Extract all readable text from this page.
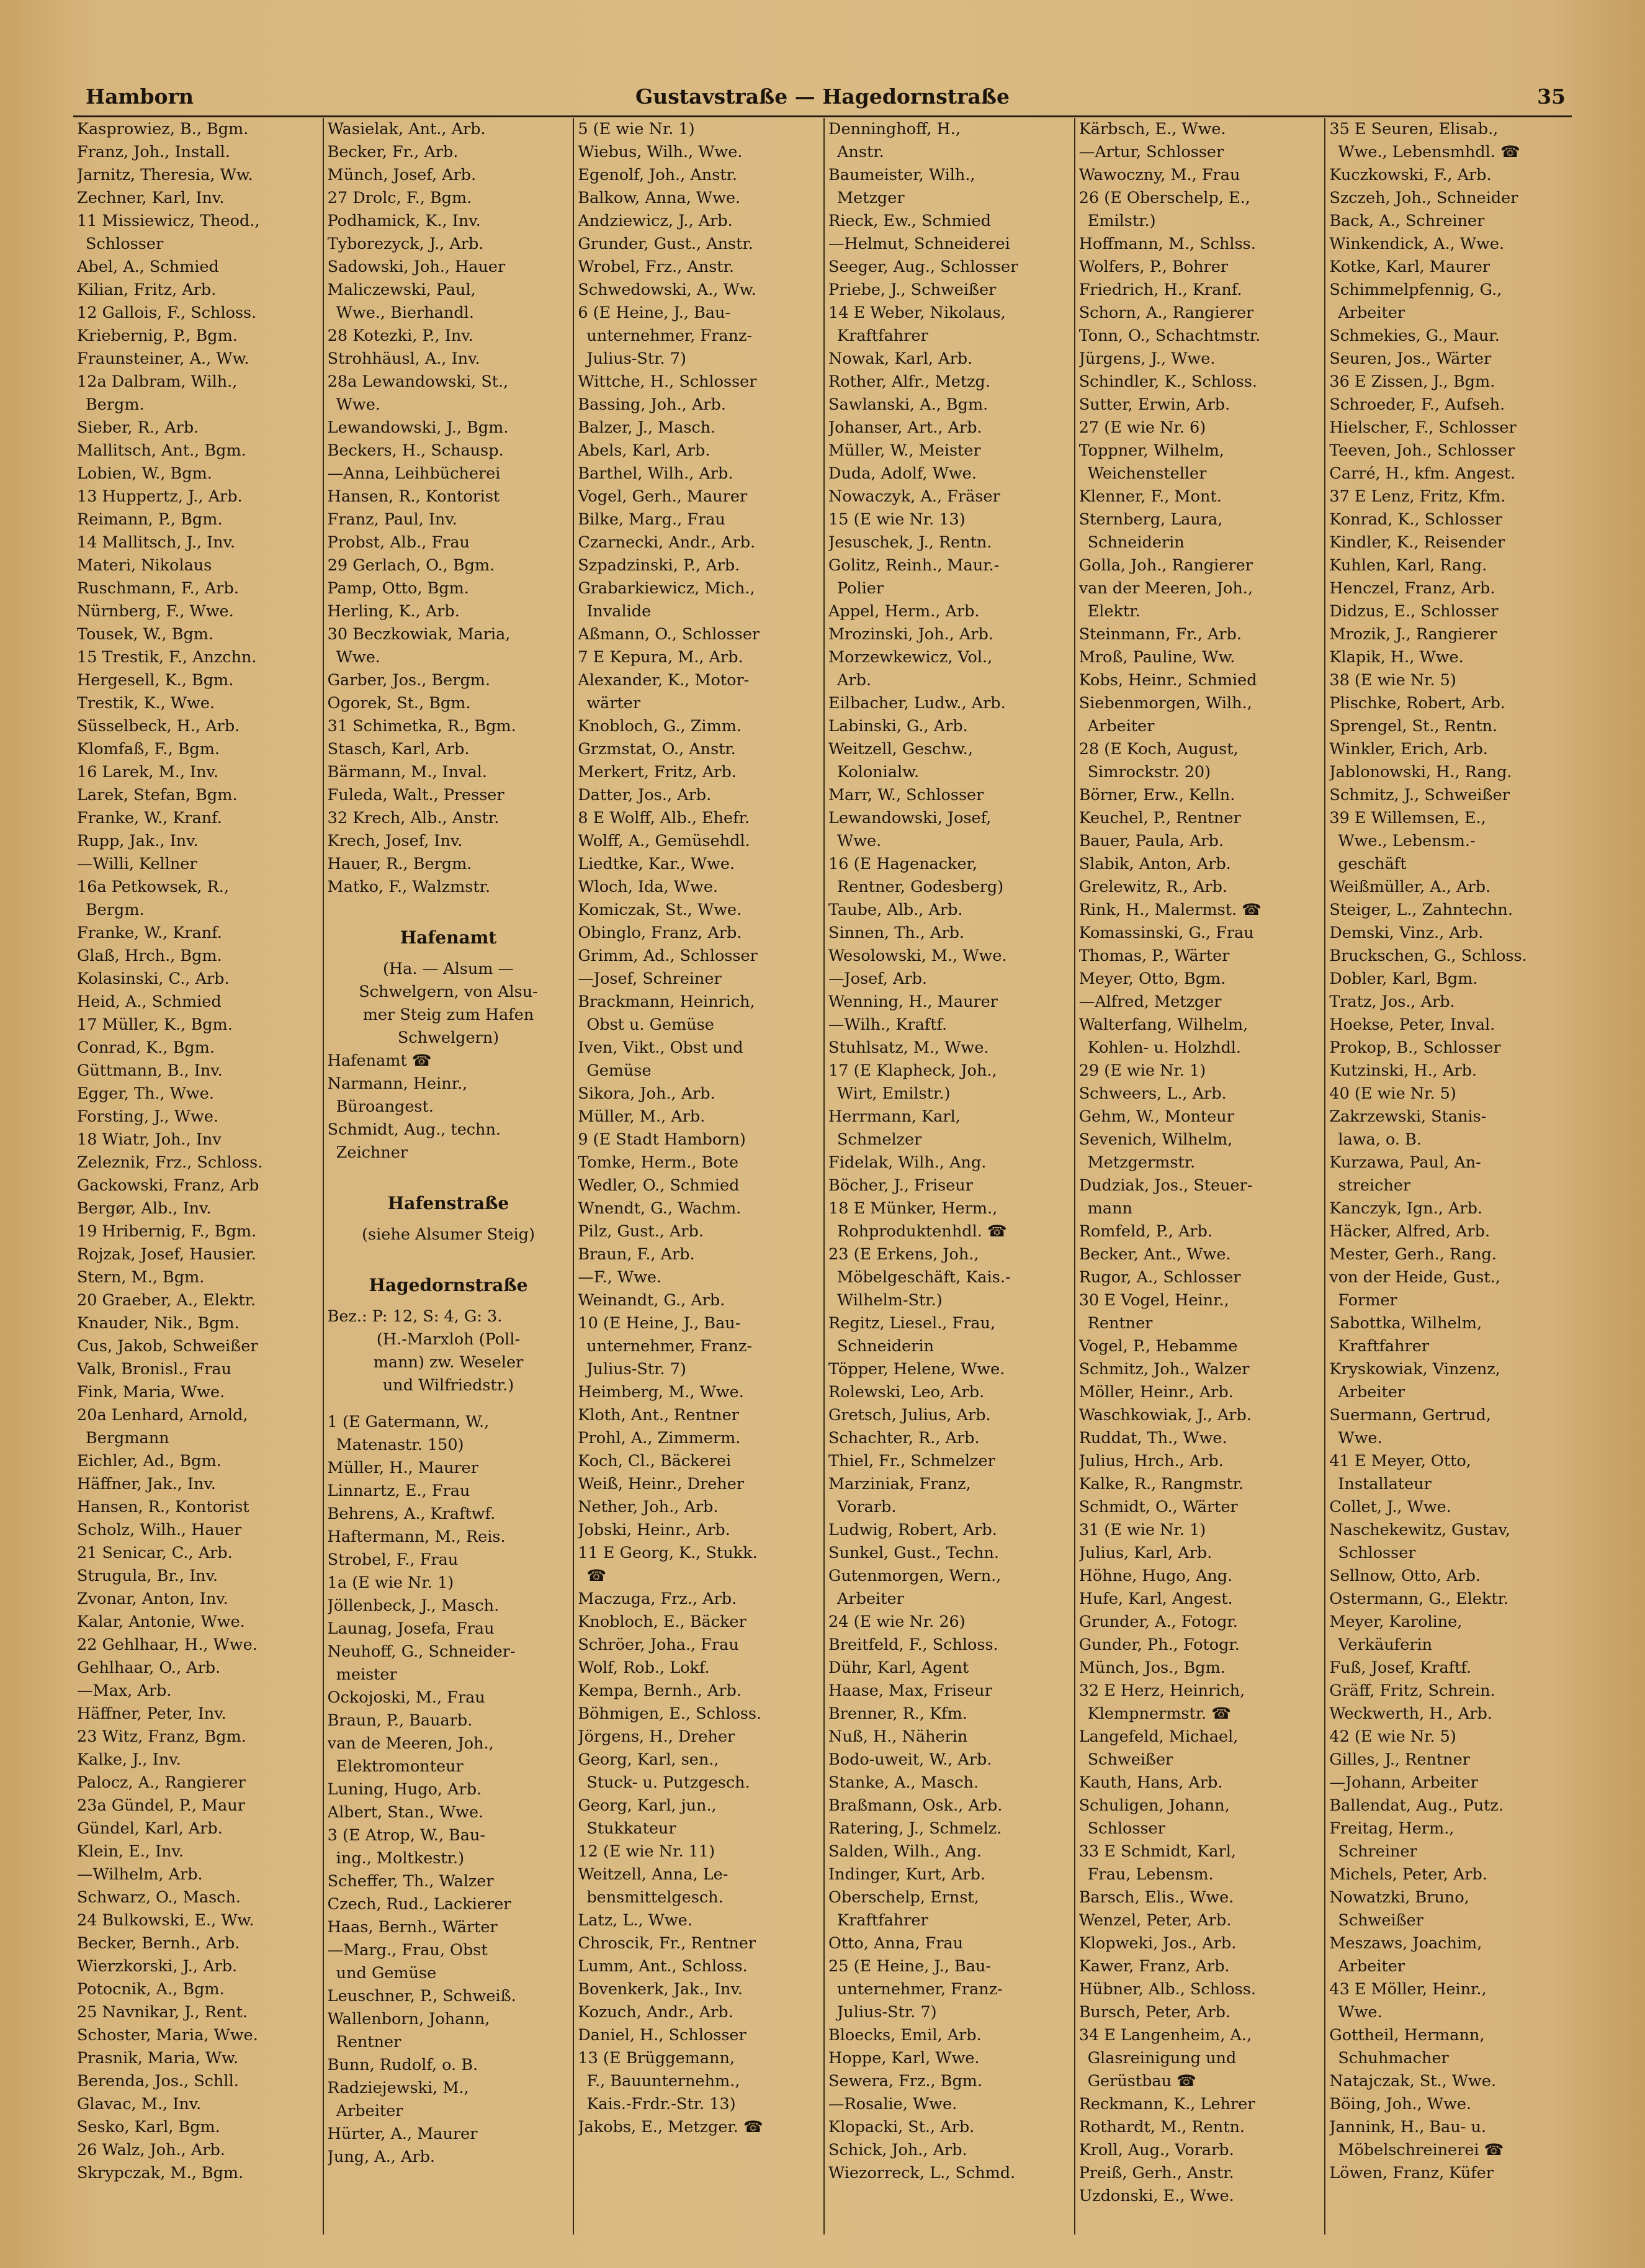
Hamborn	Gustavstraße — Hagedornstraße	35
Kasprowiez, B., Bgm.
Franz, Joh., Install.
Jarnitz, Theresia, Ww.
Zechner, Karl, Inv.
11 Missiewicz, Theod.,
Schlosser
Abel, A., Schmied
Kilian, Fritz, Arb.
12 Gallois, F., Schloss.
Kriebernig, P., Bgm.
Fraunsteiner, A., Ww.
12a Dalbram, Wilh.,
Bergm.
Sieber, R., Arb.
Mallitsch, Ant., Bgm.
Lobien, W., Bgm.
13 Huppertz, J., Arb.
Reimann, P., Bgm.
14 Mallitsch, J., Inv.
Materi, Nikolaus
Ruschmann, F., Arb.
Nürnberg, F., Wwe.
Tousek, W., Bgm.
15 Trestik, F., Anzchn.
Hergesell, K., Bgm.
Trestik, K., Wwe.
Süsselbeck, H., Arb.
Klomfaß, F., Bgm.
16 Larek, M., Inv.
Larek, Stefan, Bgm.
Franke, W., Kranf.
Rupp, Jak., Inv.
—Willi, Kellner
16a Petkowsek, R.,
Bergm.
Franke, W., Kranf.
Glaß, Hrch., Bgm.
Kolasinski, C., Arb.
Heid, A., Schmied
17 Müller, K., Bgm.
Conrad, K., Bgm.
Güttmann, B., Inv.
Egger, Th., Wwe.
Forsting, J., Wwe.
18 Wiatr, Joh., Inv
Zeleznik, Frz., Schloss.
Gackowski, Franz, Arb
Bergør, Alb., Inv.
19 Hribernig, F., Bgm.
Rojzak, Josef, Hausier.
Stern, M., Bgm.
20 Graeber, A., Elektr.
Knauder, Nik., Bgm.
Cus, Jakob, Schweißer
Valk, Bronisl., Frau
Fink, Maria, Wwe.
20a Lenhard, Arnold,
Bergmann
Eichler, Ad., Bgm.
Häffner, Jak., Inv.
Hansen, R., Kontorist
Scholz, Wilh., Hauer
21 Senicar, C., Arb.
Strugula, Br., Inv.
Zvonar, Anton, Inv.
Kalar, Antonie, Wwe.
22 Gehlhaar, H., Wwe.
Gehlhaar, O., Arb.
—Max, Arb.
Häffner, Peter, Inv.
23 Witz, Franz, Bgm.
Kalke, J., Inv.
Palocz, A., Rangierer
23a Gündel, P., Maur
Gündel, Karl, Arb.
Klein, E., Inv.
—Wilhelm, Arb.
Schwarz, O., Masch.
24 Bulkowski, E., Ww.
Becker, Bernh., Arb.
Wierzkorski, J., Arb.
Potocnik, A., Bgm.
25 Navnikar, J., Rent.
Schoster, Maria, Wwe.
Prasnik, Maria, Ww.
Berenda, Jos., Schll.
Glavac, M., Inv.
Sesko, Karl, Bgm.
26 Walz, Joh., Arb.
Skrypczak, M., Bgm.
Wasielak, Ant., Arb.
Becker, Fr., Arb.
Münch, Josef, Arb.
27 Drolc, F., Bgm.
Podhamick, K., Inv.
Tyborezyck, J., Arb.
Sadowski, Joh., Hauer
Maliczewski, Paul,
Wwe., Bierhandl.
28 Kotezki, P., Inv.
Strohhäusl, A., Inv.
28a Lewandowski, St.,
Wwe.
Lewandowski, J., Bgm.
Beckers, H., Schausp.
—Anna, Leihbücherei
Hansen, R., Kontorist
Franz, Paul, Inv.
Probst, Alb., Frau
29 Gerlach, O., Bgm.
Pamp, Otto, Bgm.
Herling, K., Arb.
30 Beczkowiak, Maria,
Wwe.
Garber, Jos., Bergm.
Ogorek, St., Bgm.
31 Schimetka, R., Bgm.
Stasch, Karl, Arb.
Bärmann, M., Inval.
Fuleda, Walt., Presser
32 Krech, Alb., Anstr.
Krech, Josef, Inv.
Hauer, R., Bergm.
Matko, F., Walzmstr.
Hafenamt
(Ha. — Alsum —
Schwelgern, von Alsu-
mer Steig zum Hafen
Schwelgern)
Hafenamt ☎
Narmann, Heinr.,
Büroangest.
Schmidt, Aug., techn.
Zeichner
Hafenstraße
(siehe Alsumer Steig)
Hagedornstraße
Bez.: P: 12, S: 4, G: 3.
(H.-Marxloh (Poll-
mann) zw. Weseler
und Wilfriedstr.)
1 (E Gatermann, W.,
Matenastr. 150)
Müller, H., Maurer
Linnartz, E., Frau
Behrens, A., Kraftwf.
Haftermann, M., Reis.
Strobel, F., Frau
1a (E wie Nr. 1)
Jöllenbeck, J., Masch.
Launag, Josefa, Frau
Neuhoff, G., Schneider-
meister
Ockojoski, M., Frau
Braun, P., Bauarb.
van de Meeren, Joh.,
Elektromonteur
Luning, Hugo, Arb.
Albert, Stan., Wwe.
3 (E Atrop, W., Bau-
ing., Moltkestr.)
Scheffer, Th., Walzer
Czech, Rud., Lackierer
Haas, Bernh., Wärter
—Marg., Frau, Obst
und Gemüse
Leuschner, P., Schweiß.
Wallenborn, Johann,
Rentner
Bunn, Rudolf, o. B.
Radziejewski, M.,
Arbeiter
Hürter, A., Maurer
Jung, A., Arb.
5 (E wie Nr. 1)
Wiebus, Wilh., Wwe.
Egenolf, Joh., Anstr.
Balkow, Anna, Wwe.
Andziewicz, J., Arb.
Grunder, Gust., Anstr.
Wrobel, Frz., Anstr.
Schwedowski, A., Ww.
6 (E Heine, J., Bau-
unternehmer, Franz-
Julius-Str. 7)
Wittche, H., Schlosser
Bassing, Joh., Arb.
Balzer, J., Masch.
Abels, Karl, Arb.
Barthel, Wilh., Arb.
Vogel, Gerh., Maurer
Bilke, Marg., Frau
Czarnecki, Andr., Arb.
Szpadzinski, P., Arb.
Grabarkiewicz, Mich.,
Invalide
Aßmann, O., Schlosser
7 E Kepura, M., Arb.
Alexander, K., Motor-
wärter
Knobloch, G., Zimm.
Grzmstat, O., Anstr.
Merkert, Fritz, Arb.
Datter, Jos., Arb.
8 E Wolff, Alb., Ehefr.
Wolff, A., Gemüsehdl.
Liedtke, Kar., Wwe.
Wloch, Ida, Wwe.
Komiczak, St., Wwe.
Obinglo, Franz, Arb.
Grimm, Ad., Schlosser
—Josef, Schreiner
Brackmann, Heinrich,
Obst u. Gemüse
Iven, Vikt., Obst und
Gemüse
Sikora, Joh., Arb.
Müller, M., Arb.
9 (E Stadt Hamborn)
Tomke, Herm., Bote
Wedler, O., Schmied
Wnendt, G., Wachm.
Pilz, Gust., Arb.
Braun, F., Arb.
—F., Wwe.
Weinandt, G., Arb.
10 (E Heine, J., Bau-
unternehmer, Franz-
Julius-Str. 7)
Heimberg, M., Wwe.
Kloth, Ant., Rentner
Prohl, A., Zimmerm.
Koch, Cl., Bäckerei
Weiß, Heinr., Dreher
Nether, Joh., Arb.
Jobski, Heinr., Arb.
11 E Georg, K., Stukk.
☎
Maczuga, Frz., Arb.
Knobloch, E., Bäcker
Schröer, Joha., Frau
Wolf, Rob., Lokf.
Kempa, Bernh., Arb.
Böhmigen, E., Schloss.
Jörgens, H., Dreher
Georg, Karl, sen.,
Stuck- u. Putzgesch.
Georg, Karl, jun.,
Stukkateur
12 (E wie Nr. 11)
Weitzell, Anna, Le-
bensmittelgesch.
Latz, L., Wwe.
Chroscik, Fr., Rentner
Lumm, Ant., Schloss.
Bovenkerk, Jak., Inv.
Kozuch, Andr., Arb.
Daniel, H., Schlosser
13 (E Brüggemann,
F., Bauunternehm.,
Kais.-Frdr.-Str. 13)
Jakobs, E., Metzger. ☎
Denninghoff, H.,
Anstr.
Baumeister, Wilh.,
Metzger
Rieck, Ew., Schmied
—Helmut, Schneiderei
Seeger, Aug., Schlosser
Priebe, J., Schweißer
14 E Weber, Nikolaus,
Kraftfahrer
Nowak, Karl, Arb.
Rother, Alfr., Metzg.
Sawlanski, A., Bgm.
Johanser, Art., Arb.
Müller, W., Meister
Duda, Adolf, Wwe.
Nowaczyk, A., Fräser
15 (E wie Nr. 13)
Jesuschek, J., Rentn.
Golitz, Reinh., Maur.-
Polier
Appel, Herm., Arb.
Mrozinski, Joh., Arb.
Morzewkewicz, Vol.,
Arb.
Eilbacher, Ludw., Arb.
Labinski, G., Arb.
Weitzell, Geschw.,
Kolonialw.
Marr, W., Schlosser
Lewandowski, Josef,
Wwe.
16 (E Hagenacker,
Rentner, Godesberg)
Taube, Alb., Arb.
Sinnen, Th., Arb.
Wesolowski, M., Wwe.
—Josef, Arb.
Wenning, H., Maurer
—Wilh., Kraftf.
Stuhlsatz, M., Wwe.
17 (E Klapheck, Joh.,
Wirt, Emilstr.)
Herrmann, Karl,
Schmelzer
Fidelak, Wilh., Ang.
Böcher, J., Friseur
18 E Münker, Herm.,
Rohproduktenhdl. ☎
23 (E Erkens, Joh.,
Möbelgeschäft, Kais.-
Wilhelm-Str.)
Regitz, Liesel., Frau,
Schneiderin
Töpper, Helene, Wwe.
Rolewski, Leo, Arb.
Gretsch, Julius, Arb.
Schachter, R., Arb.
Thiel, Fr., Schmelzer
Marziniak, Franz,
Vorarb.
Ludwig, Robert, Arb.
Sunkel, Gust., Techn.
Gutenmorgen, Wern.,
Arbeiter
24 (E wie Nr. 26)
Breitfeld, F., Schloss.
Dühr, Karl, Agent
Haase, Max, Friseur
Brenner, R., Kfm.
Nuß, H., Näherin
Bodo-uweit, W., Arb.
Stanke, A., Masch.
Braßmann, Osk., Arb.
Ratering, J., Schmelz.
Salden, Wilh., Ang.
Indinger, Kurt, Arb.
Oberschelp, Ernst,
Kraftfahrer
Otto, Anna, Frau
25 (E Heine, J., Bau-
unternehmer, Franz-
Julius-Str. 7)
Bloecks, Emil, Arb.
Hoppe, Karl, Wwe.
Sewera, Frz., Bgm.
—Rosalie, Wwe.
Klopacki, St., Arb.
Schick, Joh., Arb.
Wiezorreck, L., Schmd.
Kärbsch, E., Wwe.
—Artur, Schlosser
Wawoczny, M., Frau
26 (E Oberschelp, E.,
Emilstr.)
Hoffmann, M., Schlss.
Wolfers, P., Bohrer
Friedrich, H., Kranf.
Schorn, A., Rangierer
Tonn, O., Schachtmstr.
Jürgens, J., Wwe.
Schindler, K., Schloss.
Sutter, Erwin, Arb.
27 (E wie Nr. 6)
Toppner, Wilhelm,
Weichensteller
Klenner, F., Mont.
Sternberg, Laura,
Schneiderin
Golla, Joh., Rangierer
van der Meeren, Joh.,
Elektr.
Steinmann, Fr., Arb.
Mroß, Pauline, Ww.
Kobs, Heinr., Schmied
Siebenmorgen, Wilh.,
Arbeiter
28 (E Koch, August,
Simrockstr. 20)
Börner, Erw., Kelln.
Keuchel, P., Rentner
Bauer, Paula, Arb.
Slabik, Anton, Arb.
Grelewitz, R., Arb.
Rink, H., Malermst. ☎
Komassinski, G., Frau
Thomas, P., Wärter
Meyer, Otto, Bgm.
—Alfred, Metzger
Walterfang, Wilhelm,
Kohlen- u. Holzhdl.
29 (E wie Nr. 1)
Schweers, L., Arb.
Gehm, W., Monteur
Sevenich, Wilhelm,
Metzgermstr.
Dudziak, Jos., Steuer-
mann
Romfeld, P., Arb.
Becker, Ant., Wwe.
Rugor, A., Schlosser
30 E Vogel, Heinr.,
Rentner
Vogel, P., Hebamme
Schmitz, Joh., Walzer
Möller, Heinr., Arb.
Waschkowiak, J., Arb.
Ruddat, Th., Wwe.
Julius, Hrch., Arb.
Kalke, R., Rangmstr.
Schmidt, O., Wärter
31 (E wie Nr. 1)
Julius, Karl, Arb.
Höhne, Hugo, Ang.
Hufe, Karl, Angest.
Grunder, A., Fotogr.
Gunder, Ph., Fotogr.
Münch, Jos., Bgm.
32 E Herz, Heinrich,
Klempnermstr. ☎
Langefeld, Michael,
Schweißer
Kauth, Hans, Arb.
Schuligen, Johann,
Schlosser
33 E Schmidt, Karl,
Frau, Lebensm.
Barsch, Elis., Wwe.
Wenzel, Peter, Arb.
Klopweki, Jos., Arb.
Kawer, Franz, Arb.
Hübner, Alb., Schloss.
Bursch, Peter, Arb.
34 E Langenheim, A.,
Glasreinigung und
Gerüstbau ☎
Reckmann, K., Lehrer
Rothardt, M., Rentn.
Kroll, Aug., Vorarb.
Preiß, Gerh., Anstr.
Uzdonski, E., Wwe.
35 E Seuren, Elisab.,
Wwe., Lebensmhdl. ☎
Kuczkowski, F., Arb.
Szczeh, Joh., Schneider
Back, A., Schreiner
Winkendick, A., Wwe.
Kotke, Karl, Maurer
Schimmelpfennig, G.,
Arbeiter
Schmekies, G., Maur.
Seuren, Jos., Wärter
36 E Zissen, J., Bgm.
Schroeder, F., Aufseh.
Hielscher, F., Schlosser
Teeven, Joh., Schlosser
Carré, H., kfm. Angest.
37 E Lenz, Fritz, Kfm.
Konrad, K., Schlosser
Kindler, K., Reisender
Kuhlen, Karl, Rang.
Henczel, Franz, Arb.
Didzus, E., Schlosser
Mrozik, J., Rangierer
Klapik, H., Wwe.
38 (E wie Nr. 5)
Plischke, Robert, Arb.
Sprengel, St., Rentn.
Winkler, Erich, Arb.
Jablonowski, H., Rang.
Schmitz, J., Schweißer
39 E Willemsen, E.,
Wwe., Lebensm.-
geschäft
Weißmüller, A., Arb.
Steiger, L., Zahntechn.
Demski, Vinz., Arb.
Bruckschen, G., Schloss.
Dobler, Karl, Bgm.
Tratz, Jos., Arb.
Hoekse, Peter, Inval.
Prokop, B., Schlosser
Kutzinski, H., Arb.
40 (E wie Nr. 5)
Zakrzewski, Stanis-
lawa, o. B.
Kurzawa, Paul, An-
streicher
Kanczyk, Ign., Arb.
Häcker, Alfred, Arb.
Mester, Gerh., Rang.
von der Heide, Gust.,
Former
Sabottka, Wilhelm,
Kraftfahrer
Kryskowiak, Vinzenz,
Arbeiter
Suermann, Gertrud,
Wwe.
41 E Meyer, Otto,
Installateur
Collet, J., Wwe.
Naschekewitz, Gustav,
Schlosser
Sellnow, Otto, Arb.
Ostermann, G., Elektr.
Meyer, Karoline,
Verkäuferin
Fuß, Josef, Kraftf.
Gräff, Fritz, Schrein.
Weckwerth, H., Arb.
42 (E wie Nr. 5)
Gilles, J., Rentner
—Johann, Arbeiter
Ballendat, Aug., Putz.
Freitag, Herm.,
Schreiner
Michels, Peter, Arb.
Nowatzki, Bruno,
Schweißer
Meszaws, Joachim,
Arbeiter
43 E Möller, Heinr.,
Wwe.
Gottheil, Hermann,
Schuhmacher
Natajczak, St., Wwe.
Böing, Joh., Wwe.
Jannink, H., Bau- u.
Möbelschreinerei ☎
Löwen, Franz, Küfer
